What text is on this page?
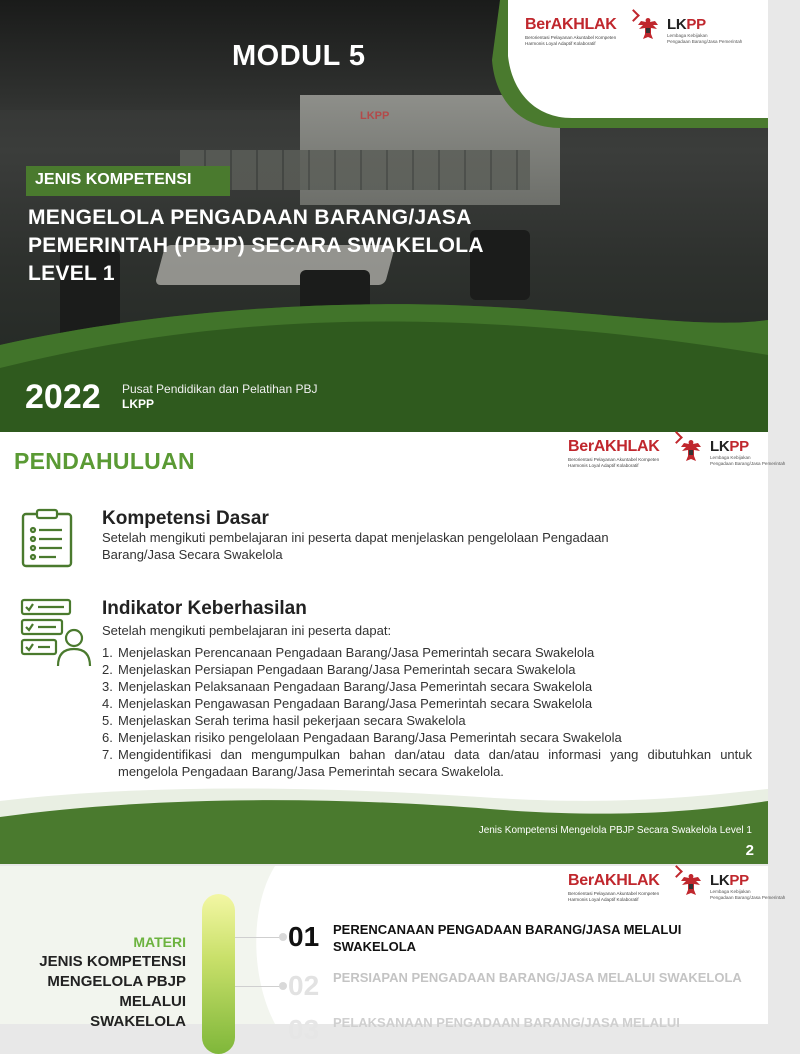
LKPP
BerAKHLAK
Berorientasi Pelayanan Akuntabel Kompeten
Harmonis Loyal Adaptif Kolaboratif
LKPP
Lembaga Kebijakan
Pengadaan Barang/Jasa Pemerintah
MODUL 5
JENIS KOMPETENSI
MENGELOLA PENGADAAN BARANG/JASA
PEMERINTAH (PBJP) SECARA SWAKELOLA
LEVEL 1
2022 Pusat Pendidikan dan Pelatihan PBJ
LKPP
PENDAHULUAN
BerAKHLAK
Berorientasi Pelayanan Akuntabel Kompeten
Harmonis Loyal Adaptif Kolaboratif
LKPP
Lembaga Kebijakan
Pengadaan Barang/Jasa Pemerintah
Kompetensi Dasar
Setelah mengikuti pembelajaran ini peserta dapat menjelaskan pengelolaan Pengadaan Barang/Jasa Secara Swakelola
Indikator Keberhasilan
Setelah mengikuti pembelajaran ini peserta dapat:
1. Menjelaskan Perencanaan Pengadaan Barang/Jasa Pemerintah secara Swakelola
2. Menjelaskan Persiapan Pengadaan Barang/Jasa Pemerintah secara Swakelola
3. Menjelaskan Pelaksanaan Pengadaan Barang/Jasa Pemerintah secara Swakelola
4. Menjelaskan Pengawasan Pengadaan Barang/Jasa Pemerintah secara Swakelola
5. Menjelaskan Serah terima hasil pekerjaan secara Swakelola
6. Menjelaskan risiko pengelolaan Pengadaan Barang/Jasa Pemerintah secara Swakelola
7. Mengidentifikasi dan mengumpulkan bahan dan/atau data dan/atau informasi yang dibutuhkan untuk mengelola Pengadaan Barang/Jasa Pemerintah secara Swakelola.
Jenis Kompetensi Mengelola PBJP Secara Swakelola Level 1
2
BerAKHLAK
Berorientasi Pelayanan Akuntabel Kompeten
Harmonis Loyal Adaptif Kolaboratif
LKPP
Lembaga Kebijakan
Pengadaan Barang/Jasa Pemerintah
MATERI
JENIS KOMPETENSI
MENGELOLA PBJP
MELALUI
SWAKELOLA
01 PERENCANAAN PENGADAAN BARANG/JASA MELALUI SWAKELOLA
02 PERSIAPAN PENGADAAN BARANG/JASA MELALUI SWAKELOLA
03 PELAKSANAAN PENGADAAN BARANG/JASA MELALUI
